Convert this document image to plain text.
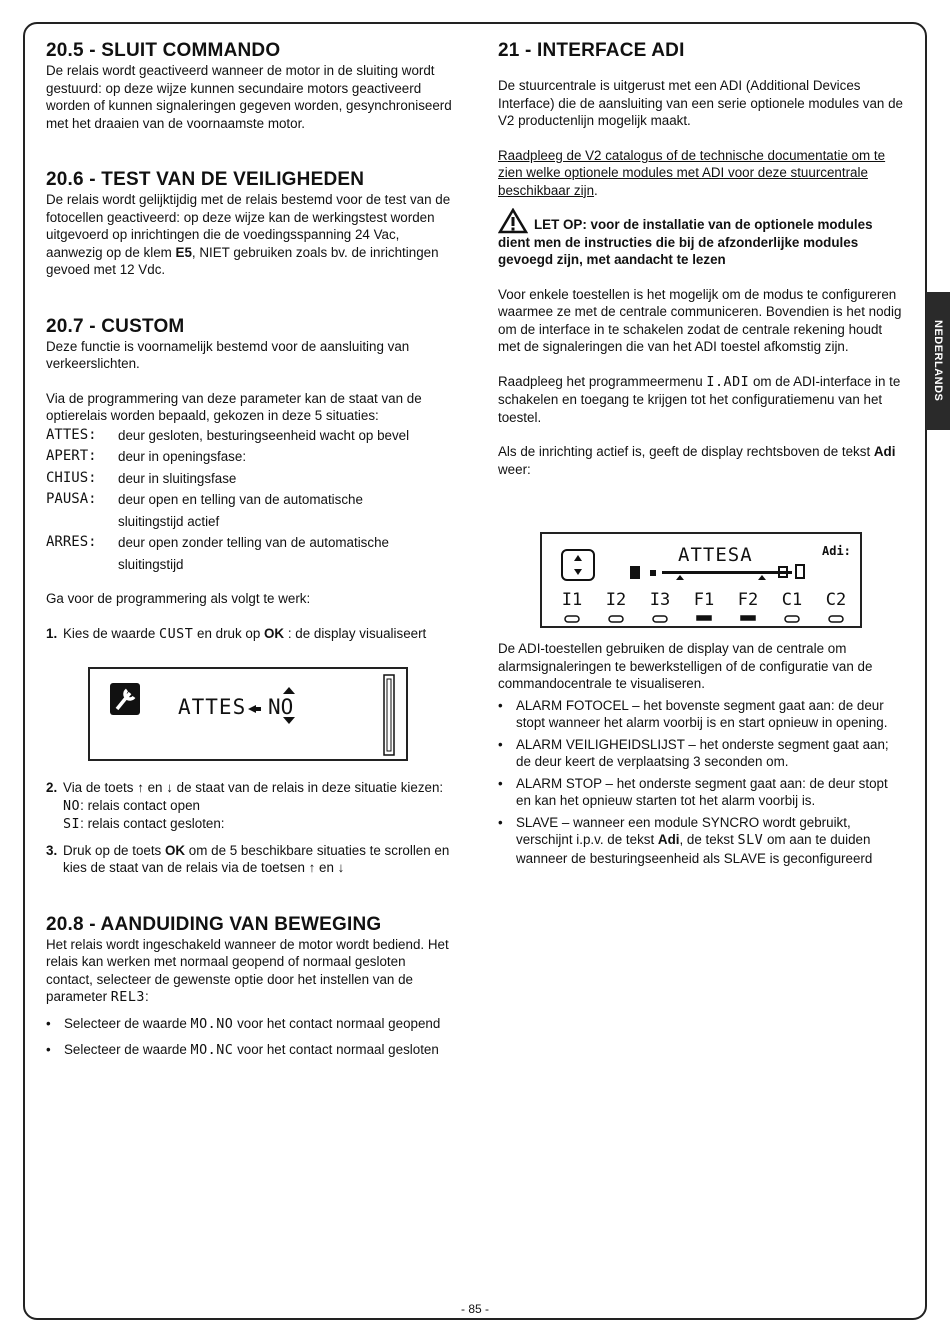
20.5 - SLUIT COMMANDO

De relais wordt geactiveerd wanneer de motor in de sluiting wordt gestuurd: op deze wijze kunnen secundaire motors geactiveerd worden of kunnen signaleringen gegeven worden, gesynchroniseerd met het draaien van de voornaamste motor.

20.6 - TEST VAN DE VEILIGHEDEN

De relais wordt gelijktijdig met de relais bestemd voor de test van de fotocellen geactiveerd: op deze wijze kan de werkingstest worden uitgevoerd op inrichtingen die de voedingsspanning 24 Vac, aanwezig op de klem E5, NIET gebruiken zoals bv. de inrichtingen gevoed met 12 Vdc.

20.7 - CUSTOM

Deze functie is voornamelijk bestemd voor de aansluiting van verkeerslichten.

Via de programmering van deze parameter kan de staat van de optierelais worden bepaald, gekozen in deze 5 situaties:

ATTES:	deur gesloten, besturingseenheid wacht op bevel
APERT:	deur in openingsfase:
CHIUS:	deur in sluitingsfase
PAUSA:	deur open en telling van de automatische
sluitingstijd actief
ARRES:	deur open zonder telling van de automatische
sluitingstijd

Ga voor de programmering als volgt te werk:

1. Kies de waarde CUST en druk op OK : de display visualiseert
2. Via de toets ↑ en ↓ de staat van de relais in deze situatie kiezen:
NO: relais contact open
SI: relais contact gesloten:
3. Druk op de toets OK om de 5 beschikbare situaties te scrollen en kies de staat van de relais via de toetsen ↑ en ↓
20.8 - AANDUIDING VAN BEWEGING

Het relais wordt ingeschakeld wanneer de motor wordt bediend. Het relais kan werken met normaal geopend of normaal gesloten contact, selecteer de gewenste optie door het instellen van de parameter REL3:

• Selecteer de waarde MO.NO voor het contact normaal geopend
• Selecteer de waarde MO.NC voor het contact normaal gesloten
ATTES NO
21 - INTERFACE ADI

De stuurcentrale is uitgerust met een ADI (Additional Devices Interface) die de aansluiting van een serie optionele modules van de V2 productenlijn mogelijk maakt.

Raadpleeg de V2 catalogus of de technische documentatie om te zien welke optionele modules met ADI voor deze stuurcentrale beschikbaar zijn.

LET OP: voor de installatie van de optionele modules dient men de instructies die bij de afzonderlijke modules gevoegd zijn, met aandacht te lezen

Voor enkele toestellen is het mogelijk om de modus te configureren waarmee ze met de centrale communiceren. Bovendien is het nodig om de interface in te schakelen zodat de centrale rekening houdt met de signaleringen die van het ADI toestel afkomstig zijn.

Raadpleeg het programmeermenu I.ADI om de ADI-interface in te schakelen en toegang te krijgen tot het configuratiemenu van het toestel.

Als de inrichting actief is, geeft de display rechtsboven de tekst Adi weer:

De ADI-toestellen gebruiken de display van de centrale om alarmsignaleringen te bewerkstelligen of de configuratie van de commandocentrale te visualiseren.

• ALARM FOTOCEL – het bovenste segment gaat aan: de deur stopt wanneer het alarm voorbij is en start opnieuw in opening.
• ALARM VEILIGHEIDSLIJST – het onderste segment gaat aan; de deur keert de verplaatsing 3 seconden om.
• ALARM STOP – het onderste segment gaat aan: de deur stopt en kan het opnieuw starten tot het alarm voorbij is.
• SLAVE – wanneer een module SYNCRO wordt gebruikt, verschijnt i.p.v. de tekst Adi, de tekst SLV om aan te duiden wanneer de besturingseenheid als SLAVE is geconfigureerd
ATTESA	Adi:
I1 I2 I3 F1 F2 C1 C2
NEDERLANDS
- 85 -
